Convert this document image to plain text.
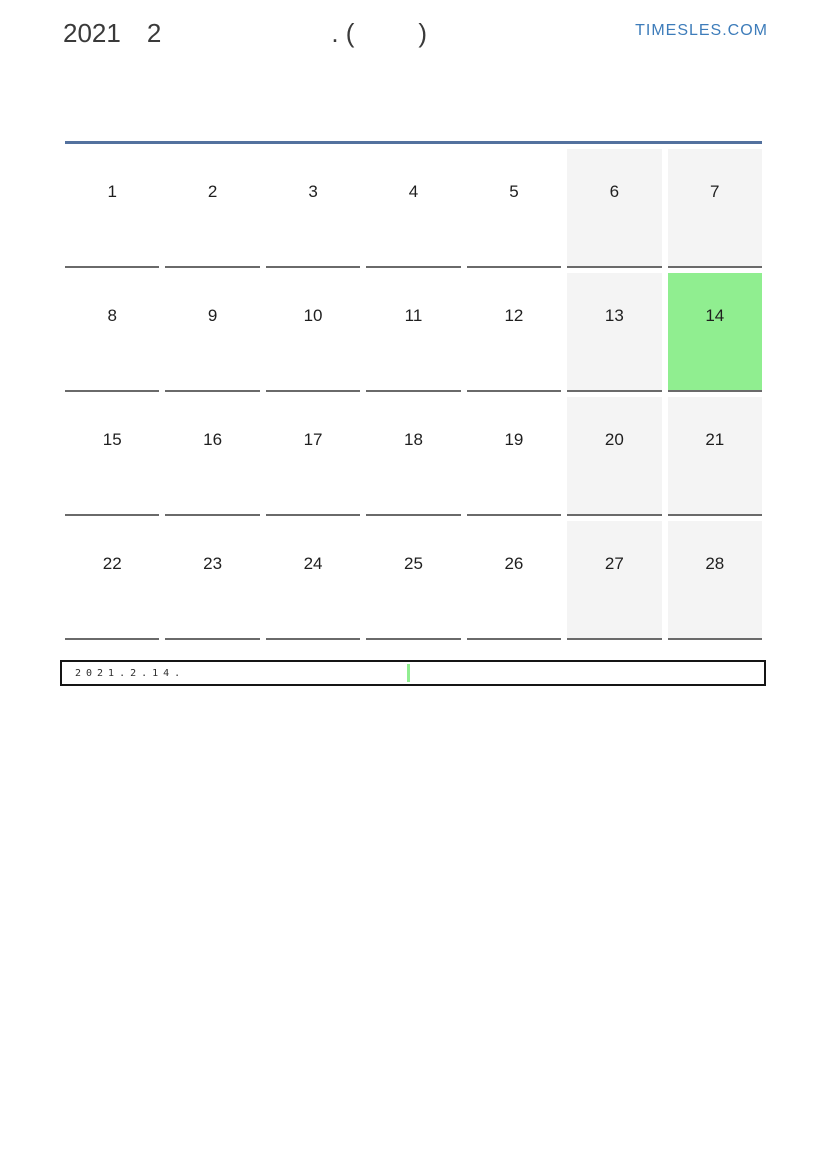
2021 2	. ( )	TIMESLES.COM
1	2	3	4	5	6	7
8	9	10	11	12	13	14
15	16	17	18	19	20	21
22	23	24	25	26	27	28
2021.2.14.
